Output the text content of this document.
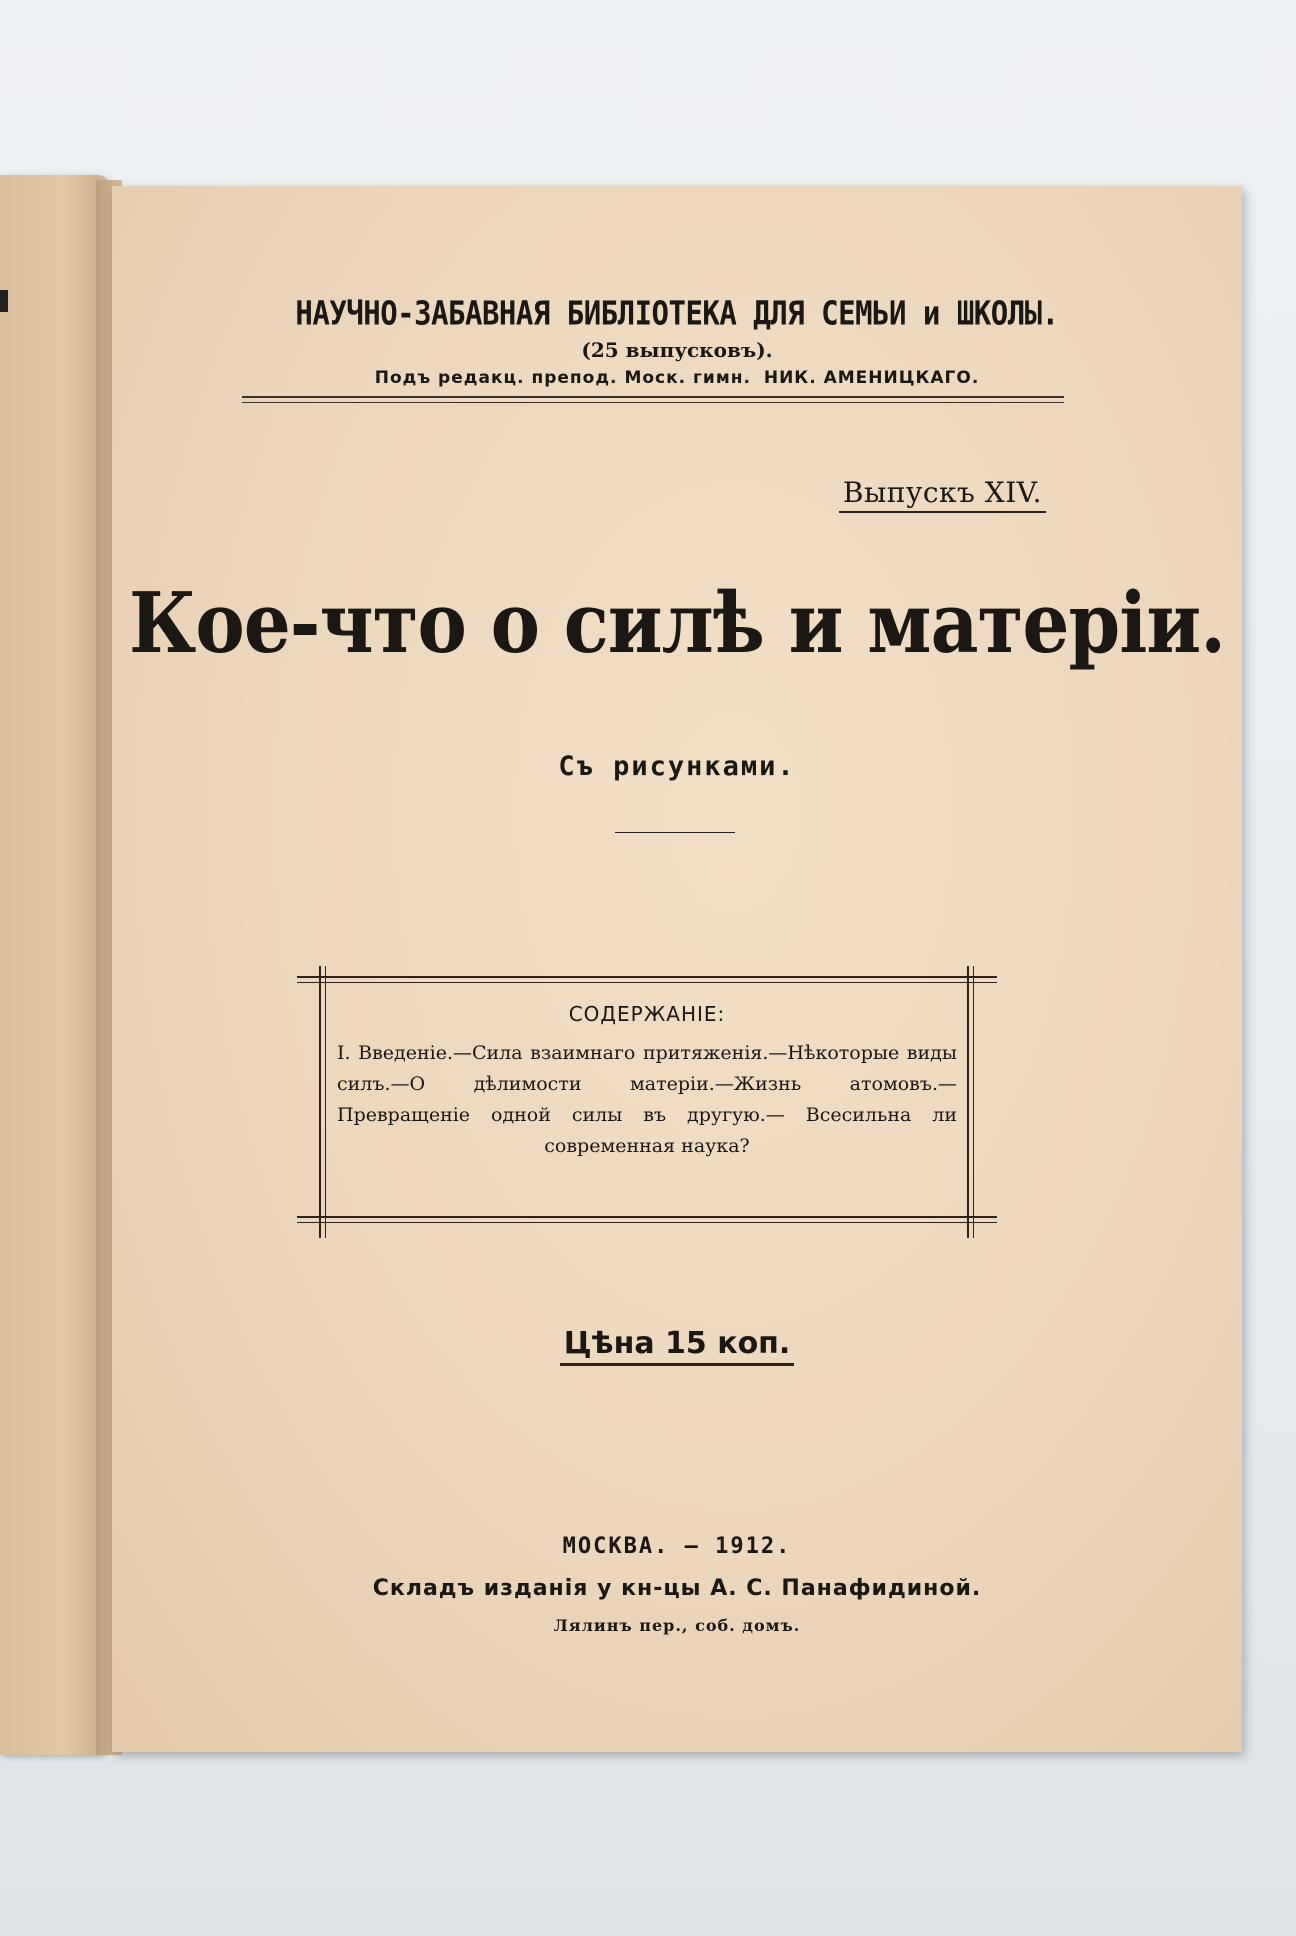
НАУЧНО-ЗАБАВНАЯ БИБЛІОТЕКА ДЛЯ СЕМЬИ и ШКОЛЫ.
(25 выпусковъ).
Подъ редакц. препод. Моск. гимн. НИК. АМЕНИЦКАГО.
Выпускъ XIV.
Кое-что о силѣ и матеріи.
Съ рисунками.
СОДЕРЖАНІЕ:
I. Введеніе.—Сила взаимнаго притяженія.—Нѣкоторые виды силъ.—О дѣлимости матеріи.—Жизнь атомовъ.— Превращеніе одной силы въ другую.— Всесильна ли современная наука?
Цѣна 15 коп.
МОСКВА. — 1912.
Складъ изданія у кн-цы А. С. Панафидиной.
Лялинъ пер., соб. домъ.
